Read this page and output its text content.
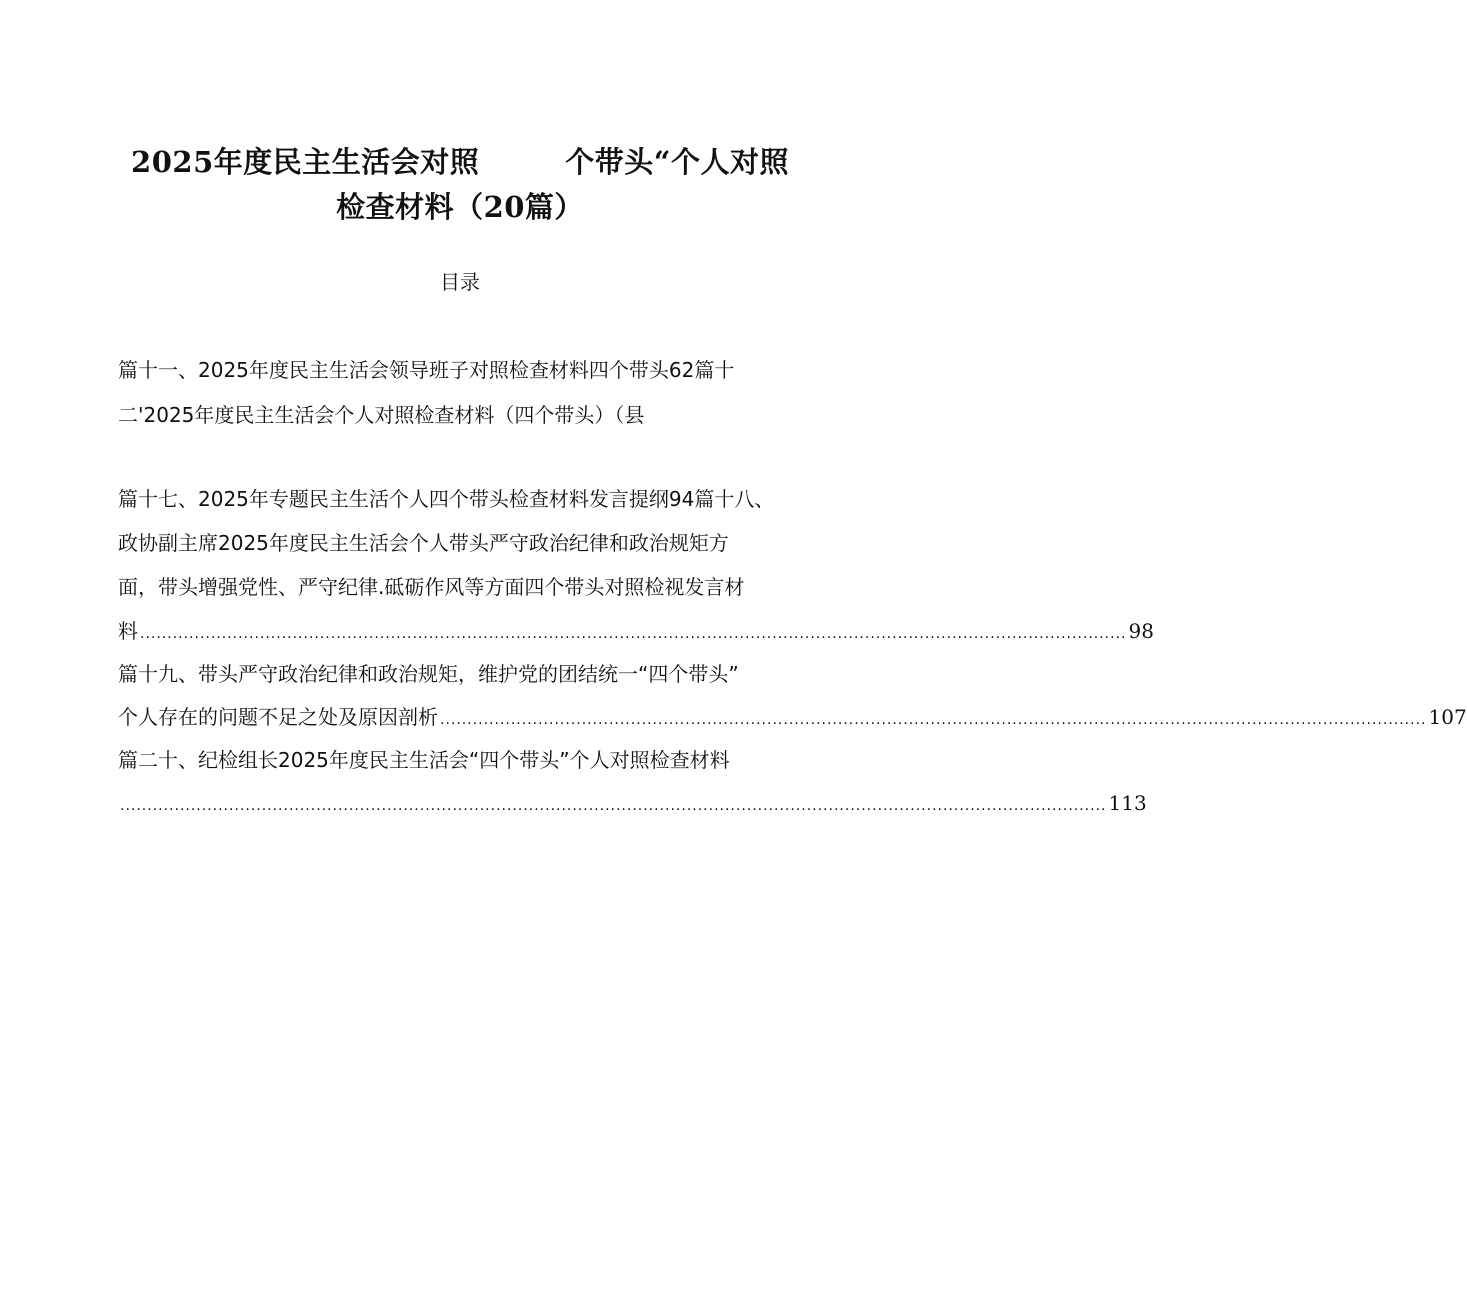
2025年度民主生活会对照	个带头“个人对照
检查材料（20篇）
目录
篇十一、2025年度民主生活会领导班子对照检查材料四个带头62篇十
二'2025年度民主生活会个人对照检查材料（四个带头）（县
篇十七、2025年专题民主生活个人四个带头检查材料发言提纲94篇十八、
政协副主席2025年度民主生活会个人带头严守政治纪律和政治规矩方
面，带头增强党性、严守纪律.砥砺作风等方面四个带头对照检视发言材
料 ..................................................................................................................................................................................... 98
篇十九、带头严守政治纪律和政治规矩，维护党的团结统一“四个带头”
个人存在的问题不足之处及原因剖析 ..................................................................................................................................................................................... 107
篇二十、纪检组长2025年度民主生活会“四个带头”个人对照检查材料
..................................................................................................................................................................................... 113
